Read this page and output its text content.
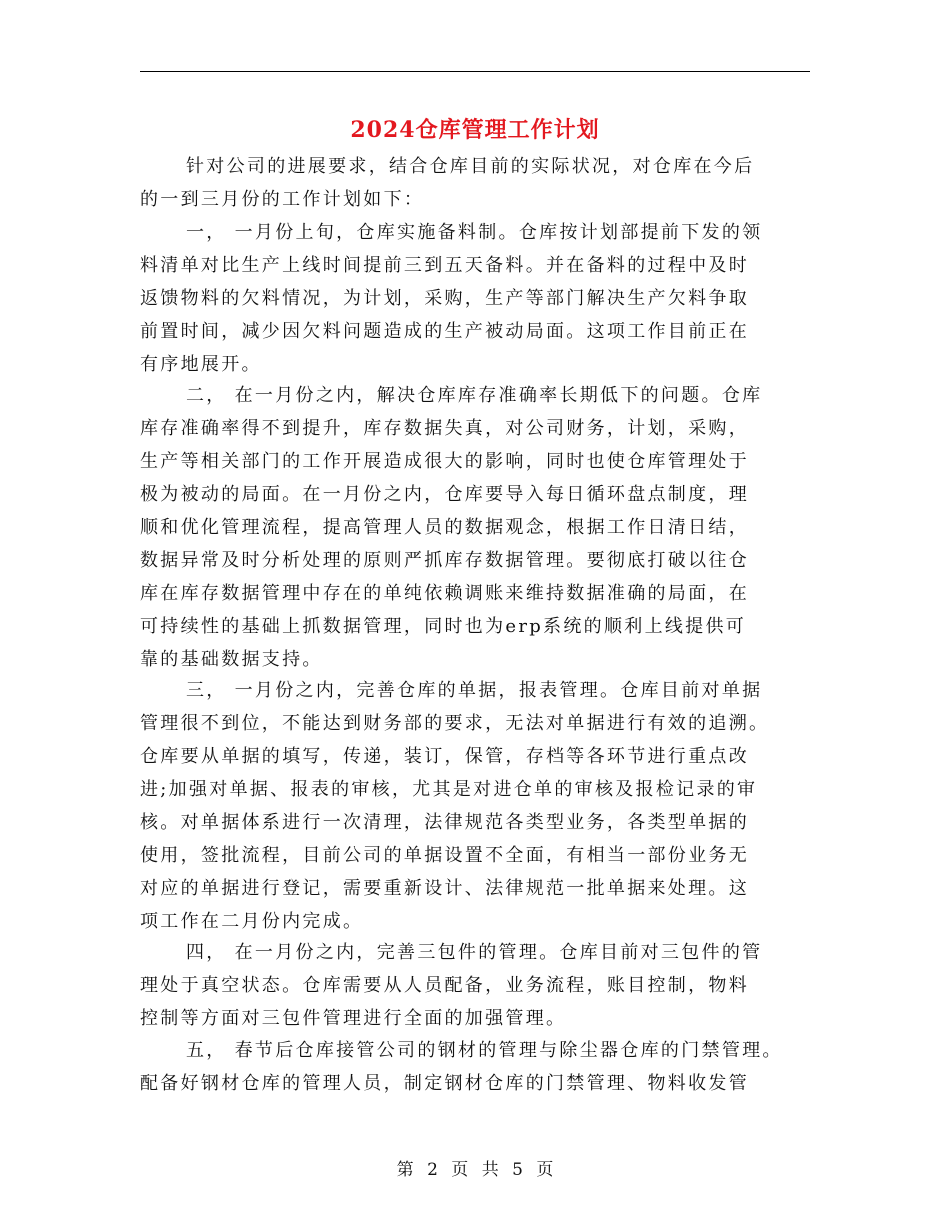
2024仓库管理工作计划
针对公司的进展要求，结合仓库目前的实际状况，对仓库在今后
的一到三月份的工作计划如下：
一， 一月份上旬，仓库实施备料制。仓库按计划部提前下发的领
料清单对比生产上线时间提前三到五天备料。并在备料的过程中及时
返馈物料的欠料情况，为计划，采购，生产等部门解决生产欠料争取
前置时间，减少因欠料问题造成的生产被动局面。这项工作目前正在
有序地展开。
二， 在一月份之内，解决仓库库存准确率长期低下的问题。仓库
库存准确率得不到提升，库存数据失真，对公司财务，计划，采购，
生产等相关部门的工作开展造成很大的影响，同时也使仓库管理处于
极为被动的局面。在一月份之内，仓库要导入每日循环盘点制度，理
顺和优化管理流程，提高管理人员的数据观念，根据工作日清日结，
数据异常及时分析处理的原则严抓库存数据管理。要彻底打破以往仓
库在库存数据管理中存在的单纯依赖调账来维持数据准确的局面，在
可持续性的基础上抓数据管理，同时也为erp系统的顺利上线提供可
靠的基础数据支持。
三， 一月份之内，完善仓库的单据，报表管理。仓库目前对单据
管理很不到位，不能达到财务部的要求，无法对单据进行有效的追溯。
仓库要从单据的填写，传递，装订，保管，存档等各环节进行重点改
进;加强对单据、报表的审核，尤其是对进仓单的审核及报检记录的审
核。对单据体系进行一次清理，法律规范各类型业务，各类型单据的
使用，签批流程，目前公司的单据设置不全面，有相当一部份业务无
对应的单据进行登记，需要重新设计、法律规范一批单据来处理。这
项工作在二月份内完成。
四， 在一月份之内，完善三包件的管理。仓库目前对三包件的管
理处于真空状态。仓库需要从人员配备，业务流程，账目控制，物料
控制等方面对三包件管理进行全面的加强管理。
五， 春节后仓库接管公司的钢材的管理与除尘器仓库的门禁管理。
配备好钢材仓库的管理人员，制定钢材仓库的门禁管理、物料收发管
第 2 页 共 5 页
